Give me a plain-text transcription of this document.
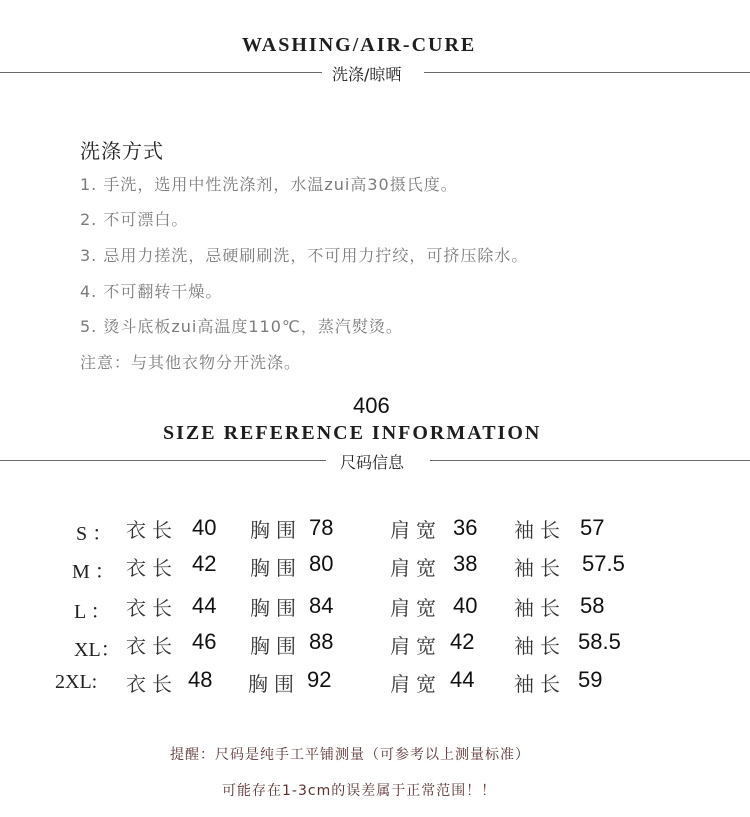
WASHING/AIR-CURE
洗涤/晾晒
洗涤方式
1. 手洗，选用中性洗涤剂，水温zui高30摄氏度。
2. 不可漂白。
3. 忌用力搓洗，忌硬刷刷洗，不可用力拧绞，可挤压除水。
4. 不可翻转干燥。
5. 烫斗底板zui高温度110℃，蒸汽熨烫。
注意：与其他衣物分开洗涤。
406
SIZE REFERENCE INFORMATION
尺码信息
S ： 衣长 40 胸围 78	肩宽 36 袖长 57
M ： 衣长 42 胸围 80	肩宽 38 袖长 57.5
L ： 衣长 44 胸围 84	肩宽 40 袖长 58
XL： 衣长 46 胸围 88	肩宽 42 袖长 58.5
2XL: 衣长 48 胸围 92	肩宽 44 袖长 59
提醒：尺码是纯手工平铺测量（可参考以上测量标准）
可能存在1-3cm的误差属于正常范围！！
